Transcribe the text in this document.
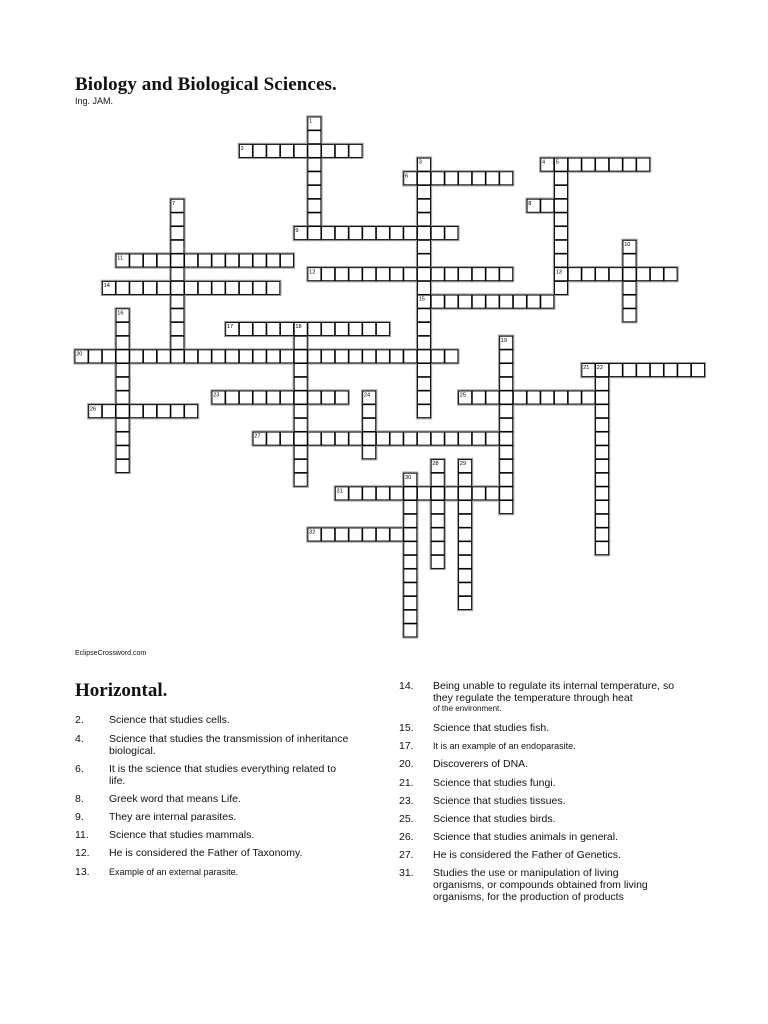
Biology and Biological Sciences.
Ing. JAM.
1
2
3
15
4 5
13
6
7	8
9
10
11
12
14
16
17	18
19
20
21 22
23	24	25
26
27
28	29
30
31
32
EclipseCrossword.com
Horizontal.
2. Science that studies cells.
4. Science that studies the transmission of inheritance biological.
6. It is the science that studies everything related to life.
8. Greek word that means Life.
9. They are internal parasites.
11. Science that studies mammals.
12. He is considered the Father of Taxonomy.
13. Example of an external parasite.
14. Being unable to regulate its internal temperature, so they regulate the temperature through heat
of the environment.
15. Science that studies fish.
17. It is an example of an endoparasite.
20. Discoverers of DNA.
21. Science that studies fungi.
23. Science that studies tissues.
25. Science that studies birds.
26. Science that studies animals in general.
27. He is considered the Father of Genetics.
31. Studies the use or manipulation of living organisms, or compounds obtained from living organisms, for the production of products
